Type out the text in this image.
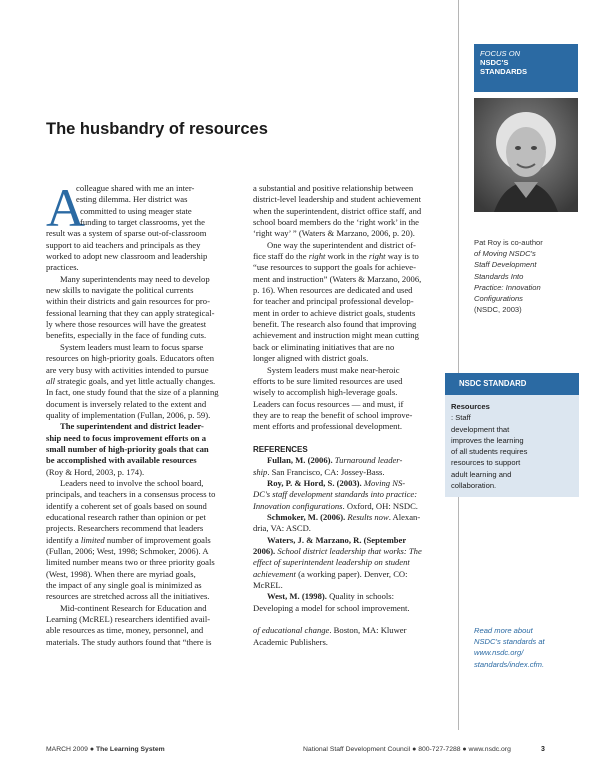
FOCUS ON
NSDC'S
STANDARDS
Pat Roy is co-author
of Moving NSDC's
Staff Development
Standards Into
Practice: Innovation
Configurations
(NSDC, 2003)
NSDC STANDARD
Resources
: Staff
development that
improves the learning
of all students requires
resources to support
adult learning and
collaboration.
Read more about
NSDC's standards at
www.nsdc.org/
standards/index.cfm.
The husbandry of resources
A
colleague shared with me an inter-
esting dilemma. Her district was
committed to using meager state
funding to target classrooms, yet the
result was a system of sparse out-of-classroom
support to aid teachers and principals as they
worked to adopt new classroom and leadership
practices.
Many superintendents may need to develop
new skills to navigate the political currents
within their districts and gain resources for pro-
fessional learning that they can apply strategical-
ly where those resources will have the greatest
benefits, especially in the face of funding cuts.
System leaders must learn to focus sparse
resources on high-priority goals. Educators often
are very busy with activities intended to pursue
all strategic goals, and yet little actually changes.
In fact, one study found that the size of a planning
document is inversely related to the extent and
quality of implementation (Fullan, 2006, p. 59).
The superintendent and district leader-
ship need to focus improvement efforts on a
small number of high-priority goals that can
be accomplished with available resources
(Roy & Hord, 2003, p. 174).
Leaders need to involve the school board,
principals, and teachers in a consensus process to
identify a coherent set of goals based on sound
educational research rather than opinion or pet
projects. Researchers recommend that leaders
identify a limited number of improvement goals
(Fullan, 2006; West, 1998; Schmoker, 2006). A
limited number means two or three priority goals
(West, 1998). When there are myriad goals,
the impact of any single goal is minimized as
resources are stretched across all the initiatives.
Mid-continent Research for Education and
Learning (McREL) researchers identified avail-
able resources as time, money, personnel, and
materials. The study authors found that “there is
a substantial and positive relationship between
district-level leadership and student achievement
when the superintendent, district office staff, and
school board members do the ‘right work’ in the
‘right way’ ” (Waters & Marzano, 2006, p. 20).
One way the superintendent and district of-
fice staff do the right work in the right way is to
“use resources to support the goals for achieve-
ment and instruction” (Waters & Marzano, 2006,
p. 16). When resources are dedicated and used
for teacher and principal professional develop-
ment in order to achieve district goals, students
benefit. The research also found that improving
achievement and instruction might mean cutting
back or eliminating initiatives that are no
longer aligned with district goals.
System leaders must make near-heroic
efforts to be sure limited resources are used
wisely to accomplish high-leverage goals.
Leaders can focus resources — and must, if
they are to reap the benefit of school improve-
ment efforts and professional development.
REFERENCES
Fullan, M. (2006). Turnaround leader-
ship. San Francisco, CA: Jossey-Bass.
Roy, P. & Hord, S. (2003). Moving NS-
DC's staff development standards into practice:
Innovation configurations. Oxford, OH: NSDC.
Schmoker, M. (2006). Results now. Alexan-
dria, VA: ASCD.
Waters, J. & Marzano, R. (September
2006). School district leadership that works: The
effect of superintendent leadership on student
achievement (a working paper). Denver, CO:
McREL.
West, M. (1998). Quality in schools:
Developing a model for school improvement.
of educational change. Boston, MA: Kluwer
Academic Publishers.
MARCH 2009 ● The Learning System	National Staff Development Council ● 800-727-7288 ● www.nsdc.org	3
